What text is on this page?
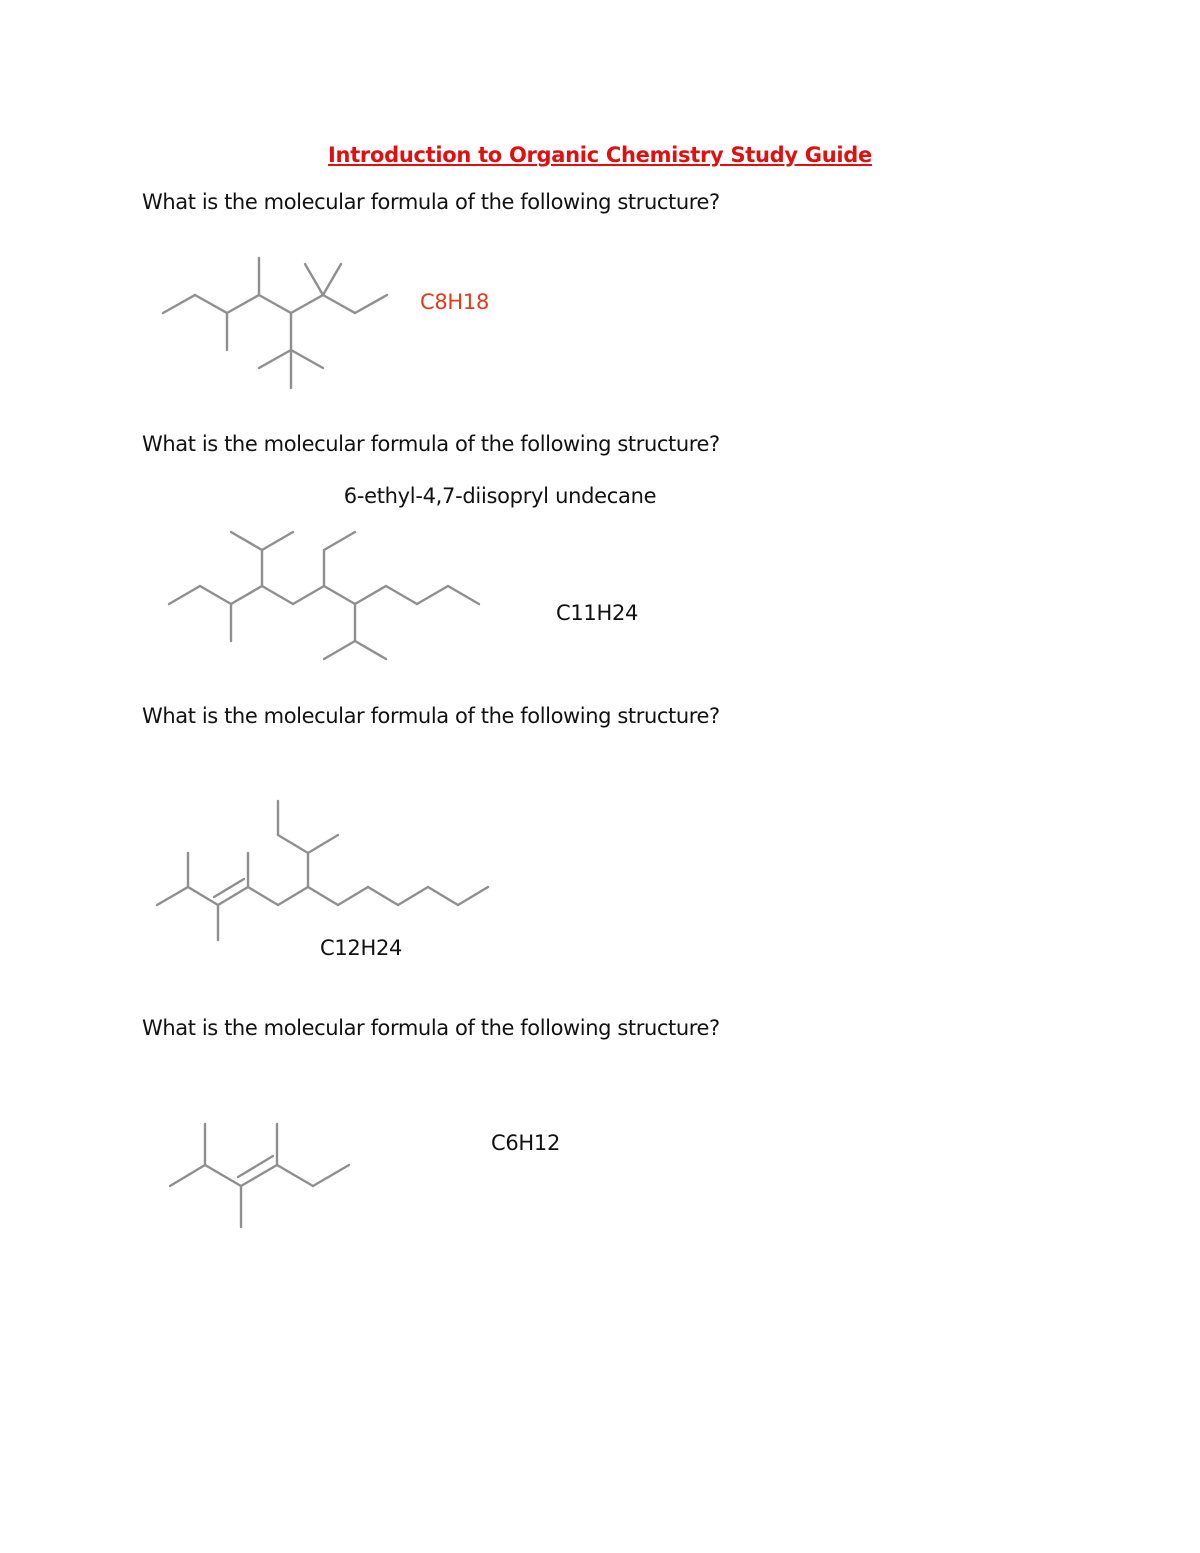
Introduction to Organic Chemistry Study Guide
What is the molecular formula of the following structure?
C8H18
What is the molecular formula of the following structure?
6-ethyl-4,7-diisopryl undecane
C11H24
What is the molecular formula of the following structure?
C12H24
What is the molecular formula of the following structure?
C6H12
